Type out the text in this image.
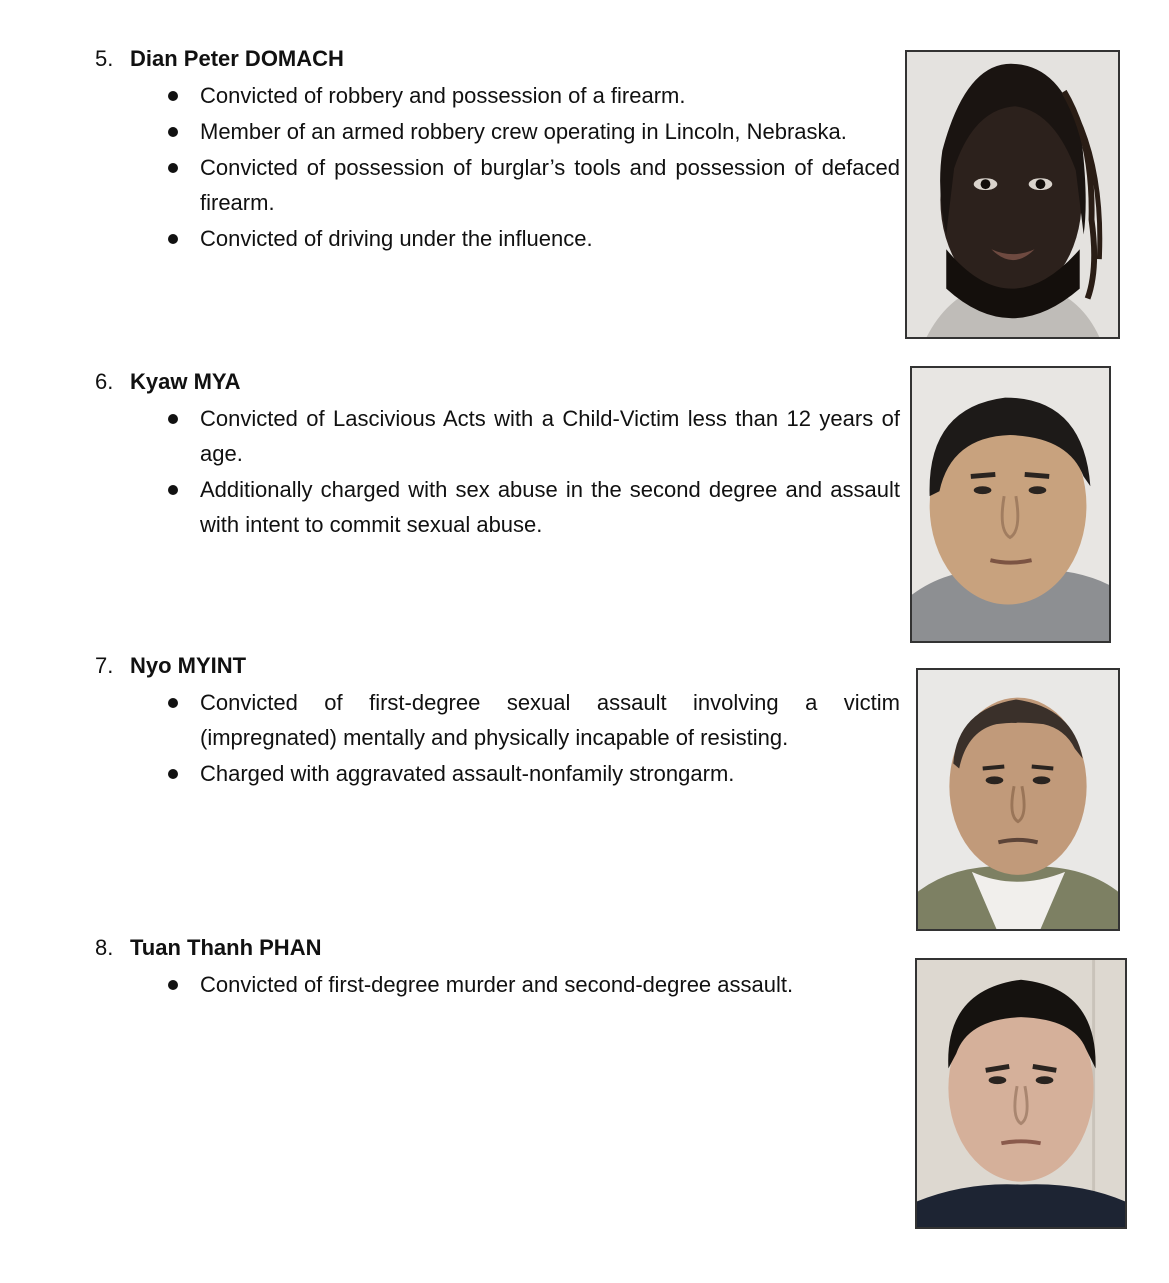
5. Dian Peter DOMACH

Convicted of robbery and possession of a firearm.
Member of an armed robbery crew operating in Lincoln, Nebraska.
Convicted of possession of burglar’s tools and possession of defaced firearm.
Convicted of driving under the influence.

6. Kyaw MYA

Convicted of Lascivious Acts with a Child-Victim less than 12 years of age.
Additionally charged with sex abuse in the second degree and assault with intent to commit sexual abuse.

7. Nyo MYINT

Convicted of first-degree sexual assault involving a victim (impregnated) mentally and physically incapable of resisting.
Charged with aggravated assault-nonfamily strongarm.

8. Tuan Thanh PHAN

Convicted of first-degree murder and second-degree assault.
